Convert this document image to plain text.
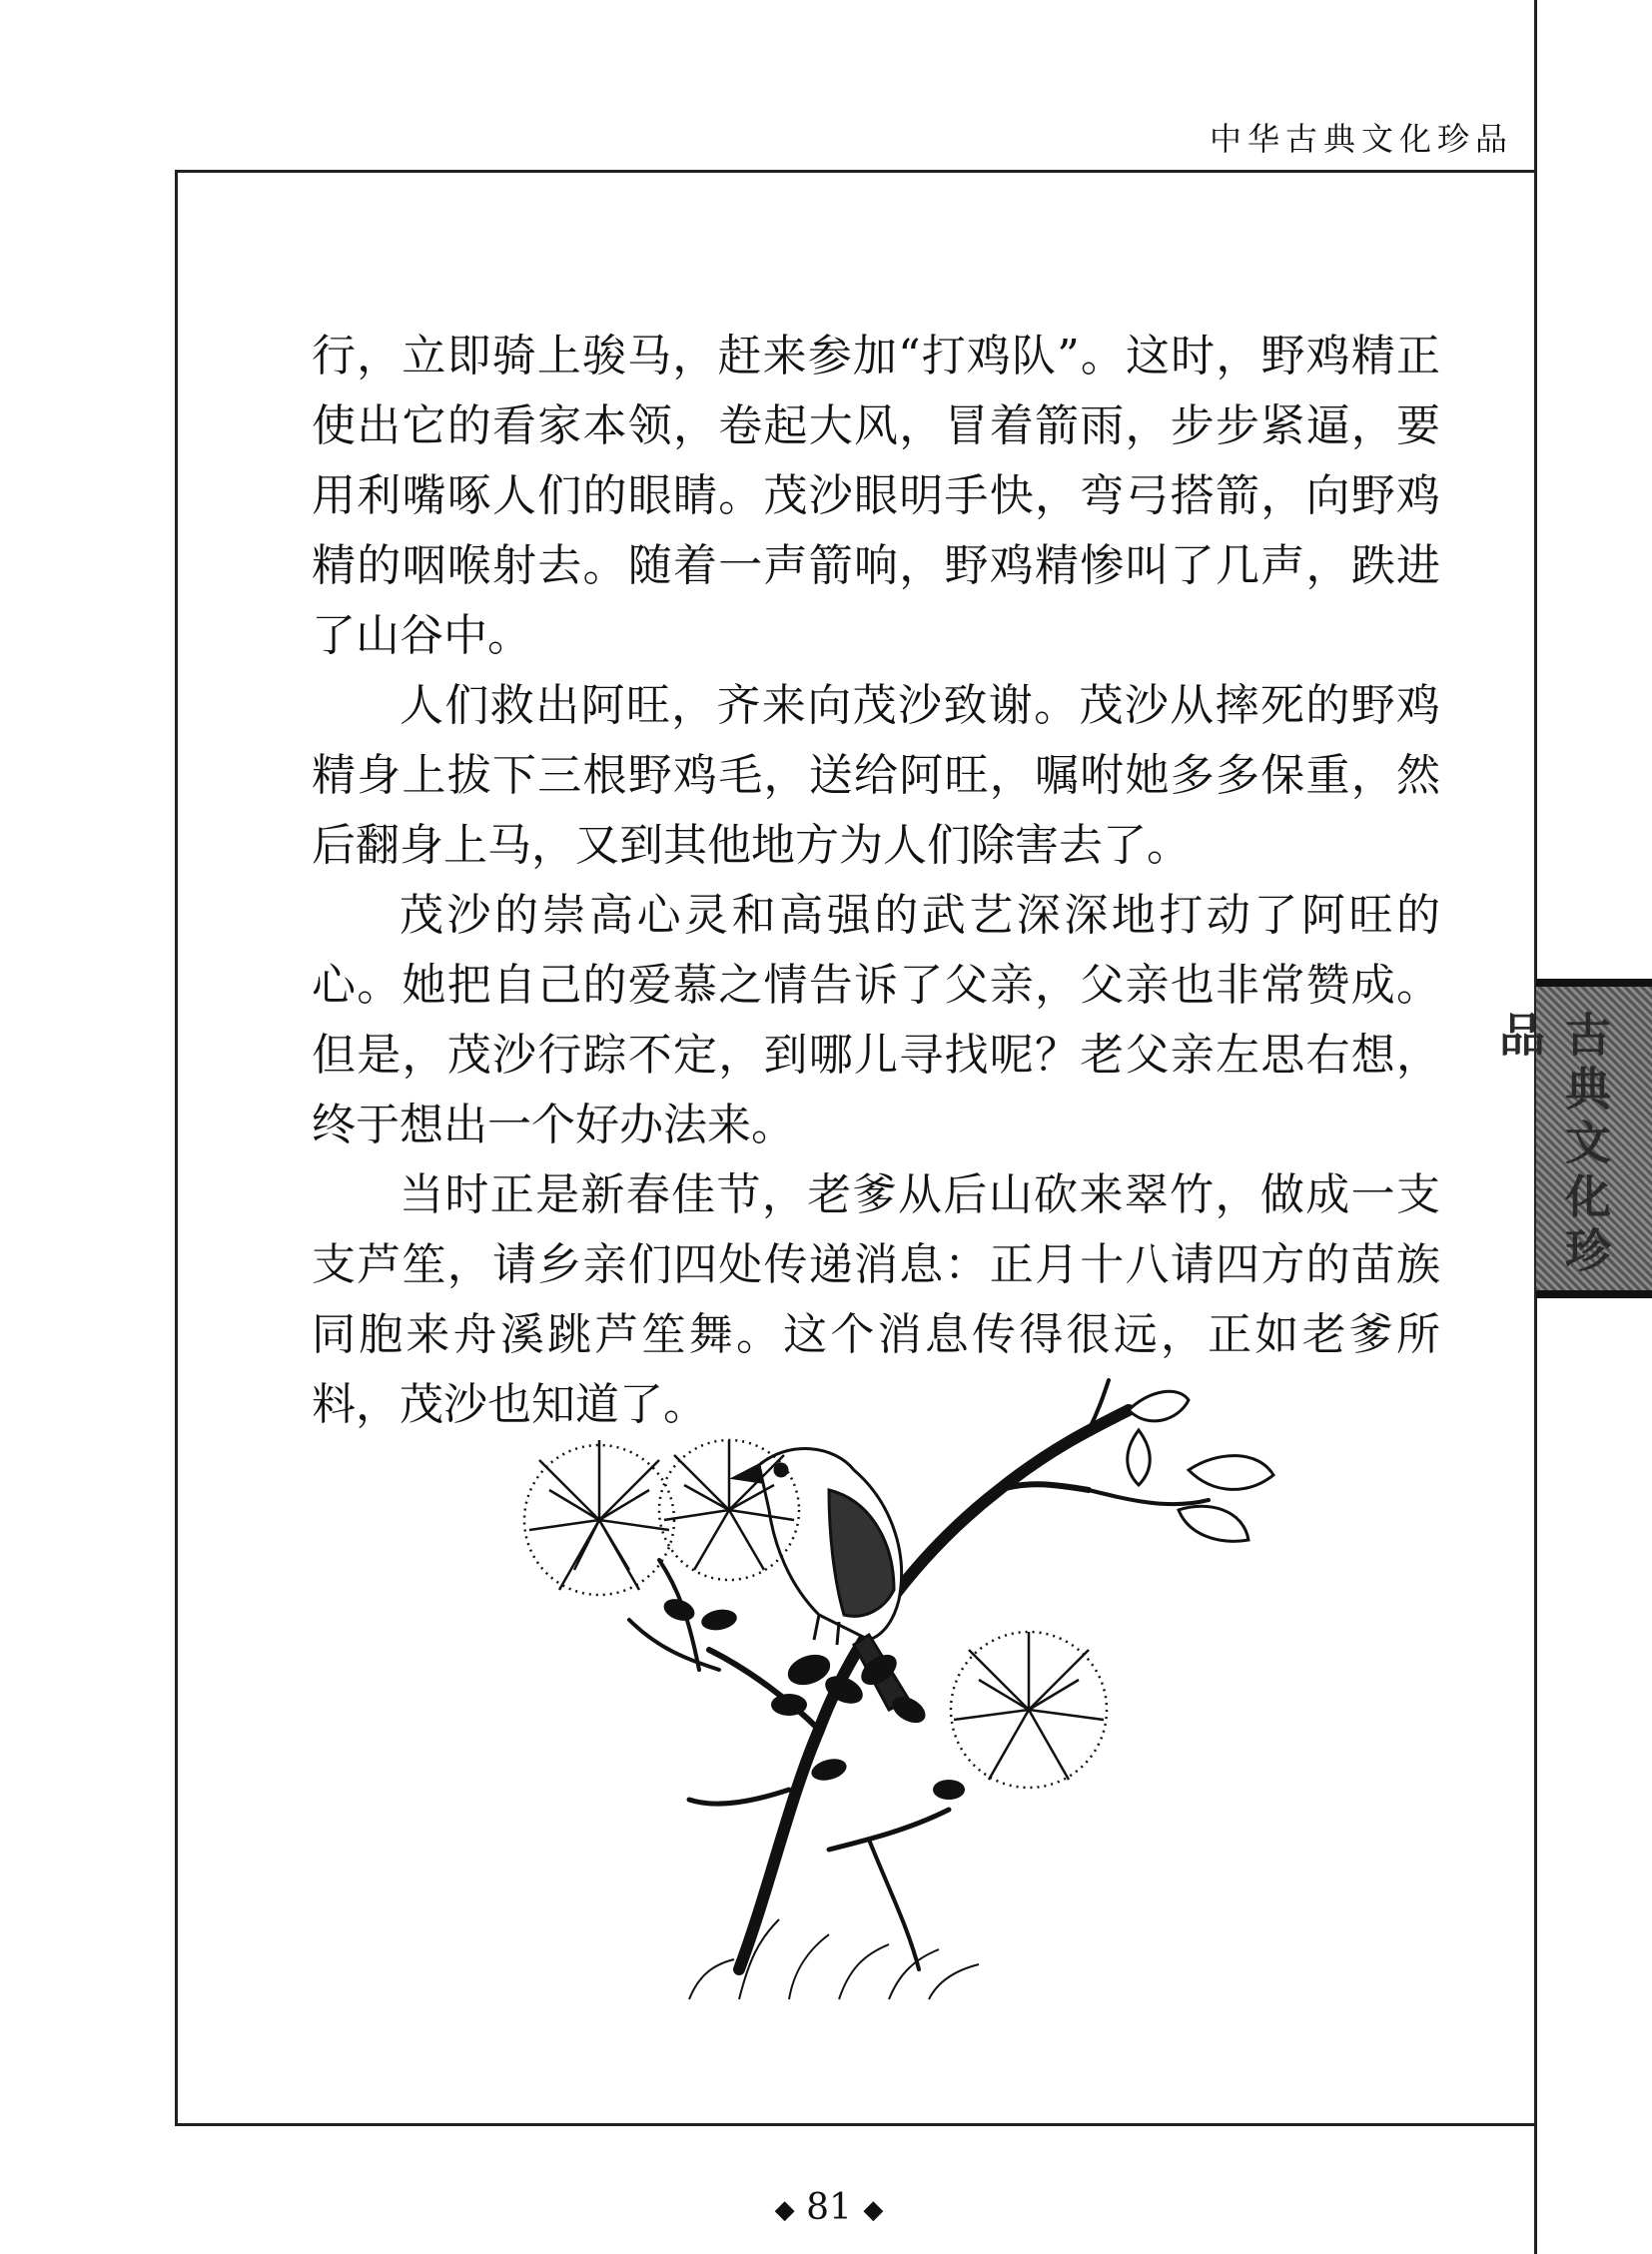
中华古典文化珍品

行，立即骑上骏马，赶来参加“打鸡队”。这时，野鸡精正使出它的看家本领，卷起大风，冒着箭雨，步步紧逼，要用利嘴啄人们的眼睛。茂沙眼明手快，弯弓搭箭，向野鸡精的咽喉射去。随着一声箭响，野鸡精惨叫了几声，跌进了山谷中。

人们救出阿旺，齐来向茂沙致谢。茂沙从摔死的野鸡精身上拔下三根野鸡毛，送给阿旺，嘱咐她多多保重，然后翻身上马，又到其他地方为人们除害去了。

茂沙的崇高心灵和高强的武艺深深地打动了阿旺的心。她把自己的爱慕之情告诉了父亲，父亲也非常赞成。但是，茂沙行踪不定，到哪儿寻找呢？老父亲左思右想，终于想出一个好办法来。

当时正是新春佳节，老爹从后山砍来翠竹，做成一支支芦笙，请乡亲们四处传递消息：正月十八请四方的苗族同胞来舟溪跳芦笙舞。这个消息传得很远，正如老爹所料，茂沙也知道了。

古典文化珍品
◆ 81 ◆
